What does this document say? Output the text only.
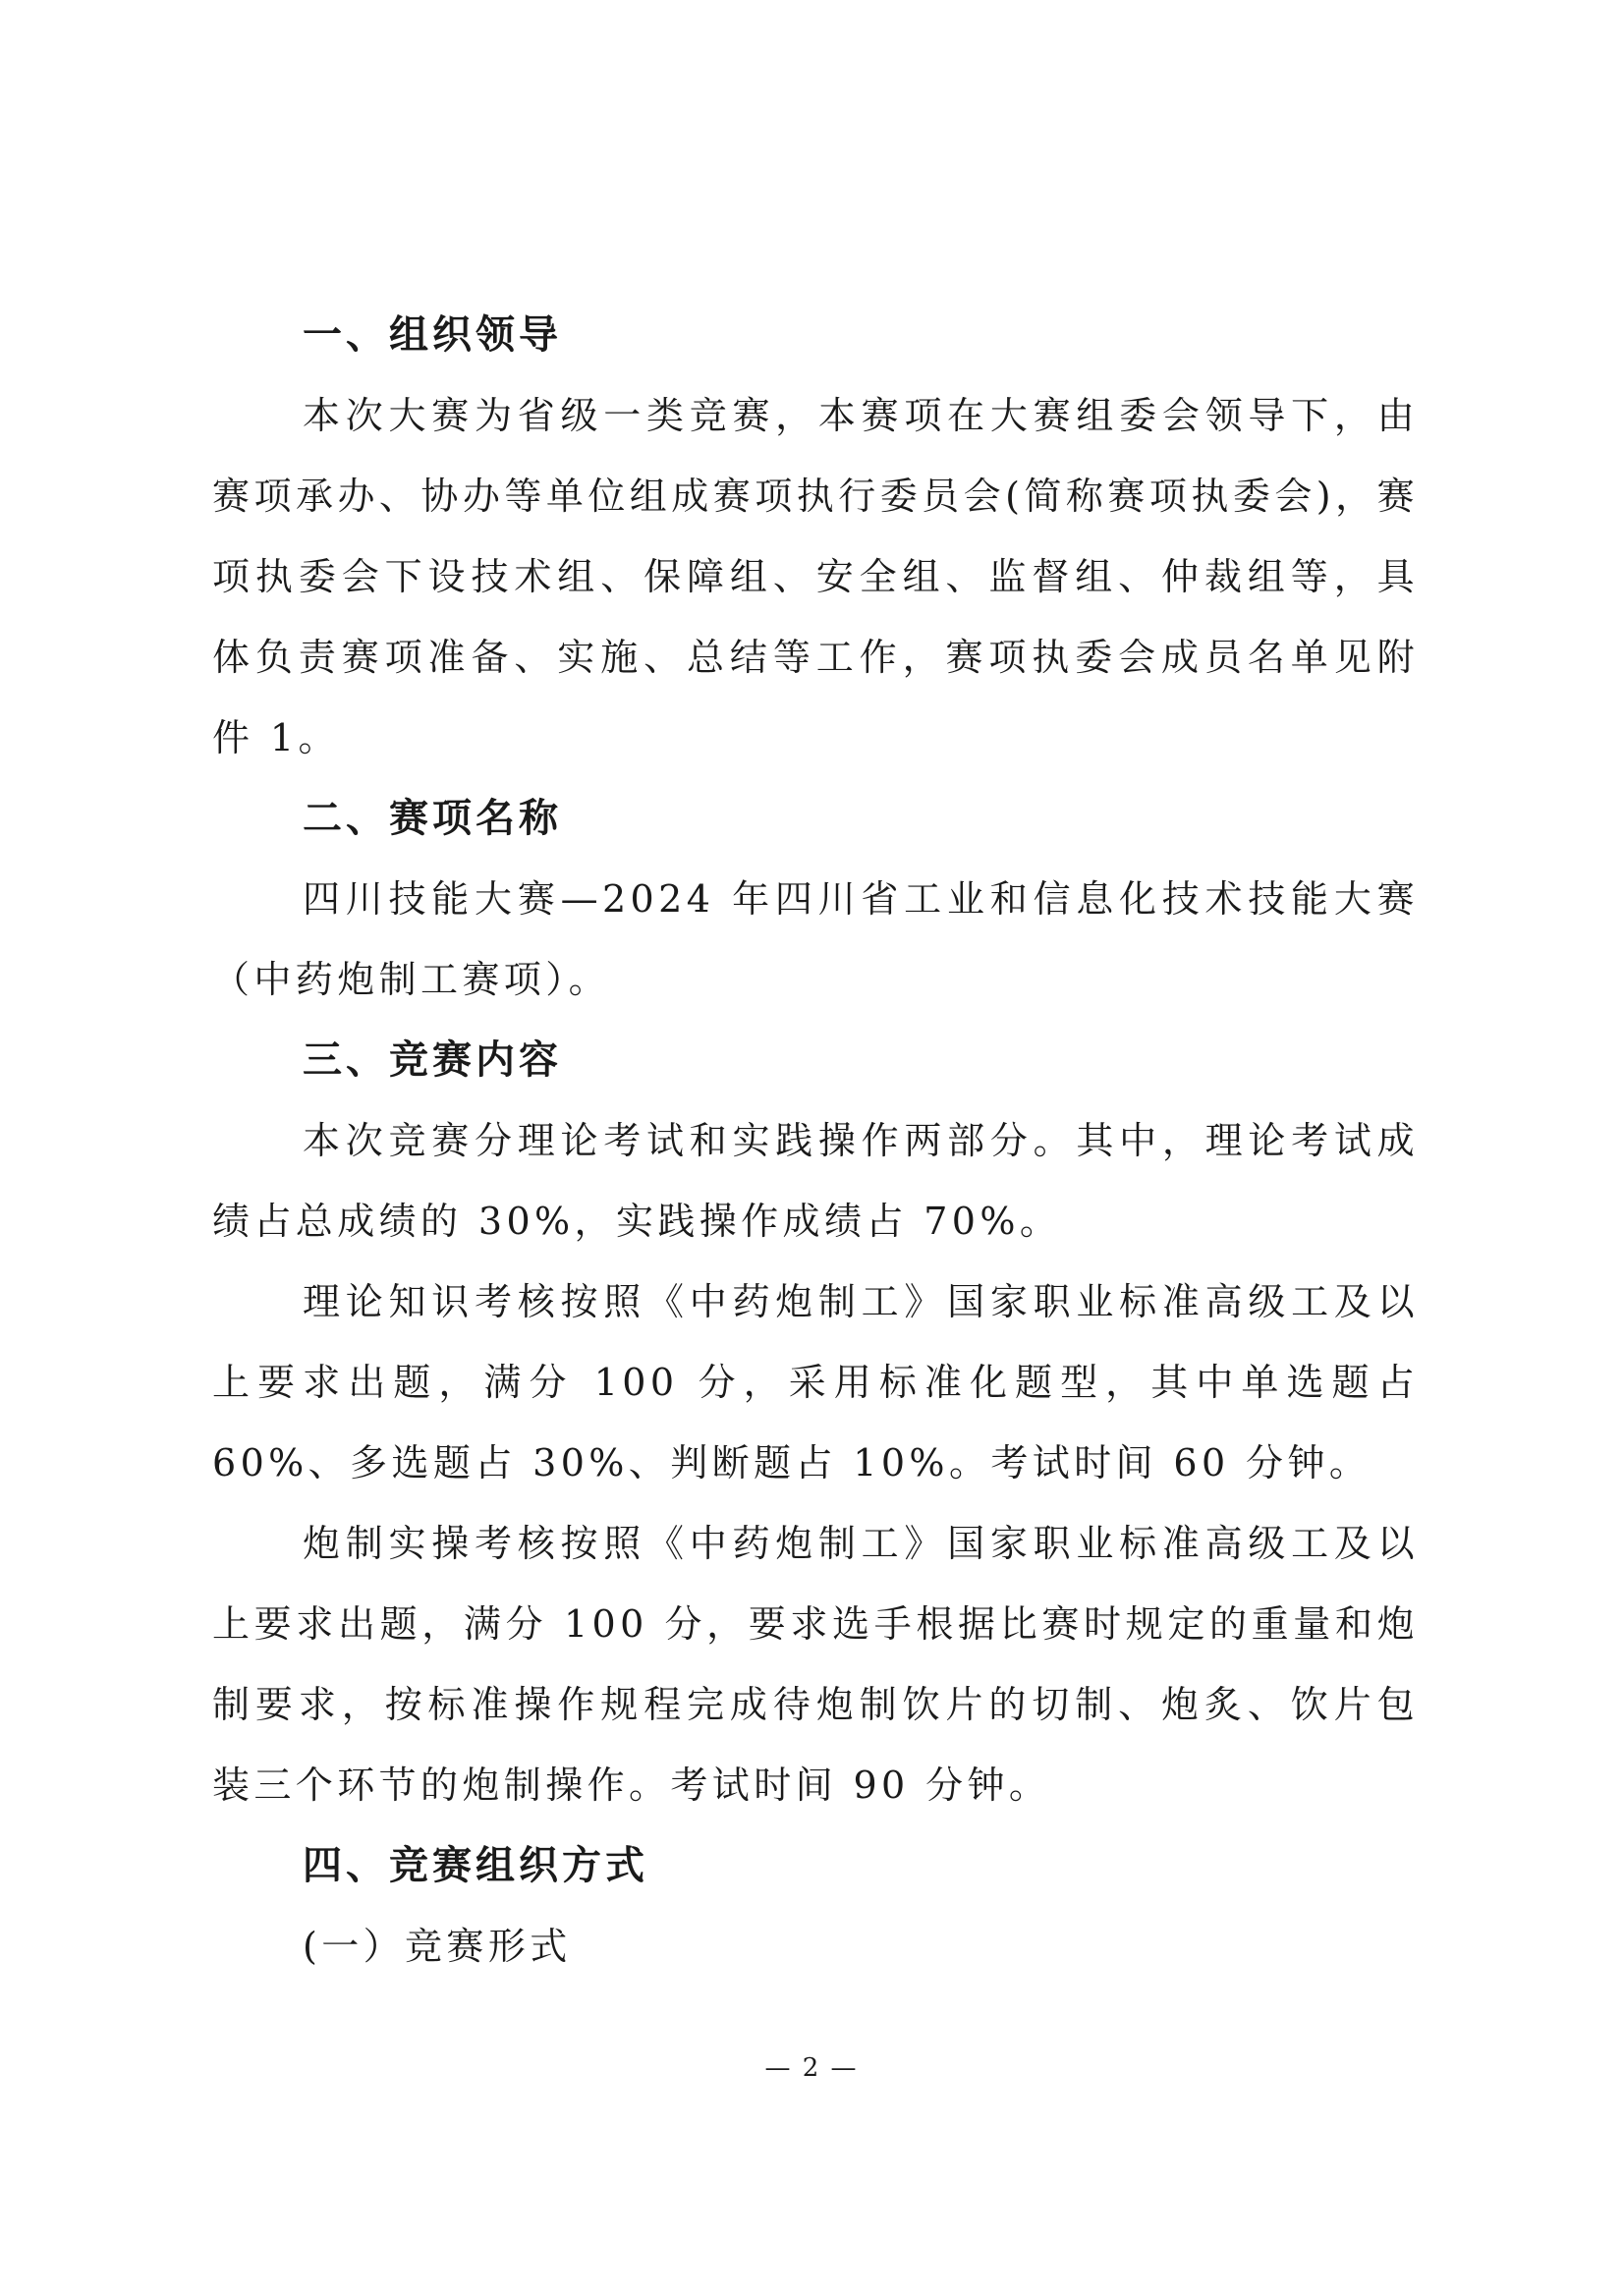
一、组织领导

本次大赛为省级一类竞赛，本赛项在大赛组委会领导下，由赛项承办、协办等单位组成赛项执行委员会(简称赛项执委会)，赛项执委会下设技术组、保障组、安全组、监督组、仲裁组等，具体负责赛项准备、实施、总结等工作，赛项执委会成员名单见附件 1。

二、赛项名称

四川技能大赛—2024 年四川省工业和信息化技术技能大赛（中药炮制工赛项）。

三、竞赛内容

本次竞赛分理论考试和实践操作两部分。其中，理论考试成绩占总成绩的 30%，实践操作成绩占 70%。

理论知识考核按照《中药炮制工》国家职业标准高级工及以上要求出题，满分 100 分，采用标准化题型，其中单选题占 60%、多选题占 30%、判断题占 10%。考试时间 60 分钟。

炮制实操考核按照《中药炮制工》国家职业标准高级工及以上要求出题，满分 100 分，要求选手根据比赛时规定的重量和炮制要求，按标准操作规程完成待炮制饮片的切制、炮炙、饮片包装三个环节的炮制操作。考试时间 90 分钟。

四、竞赛组织方式

(一）竞赛形式

— 2 —
